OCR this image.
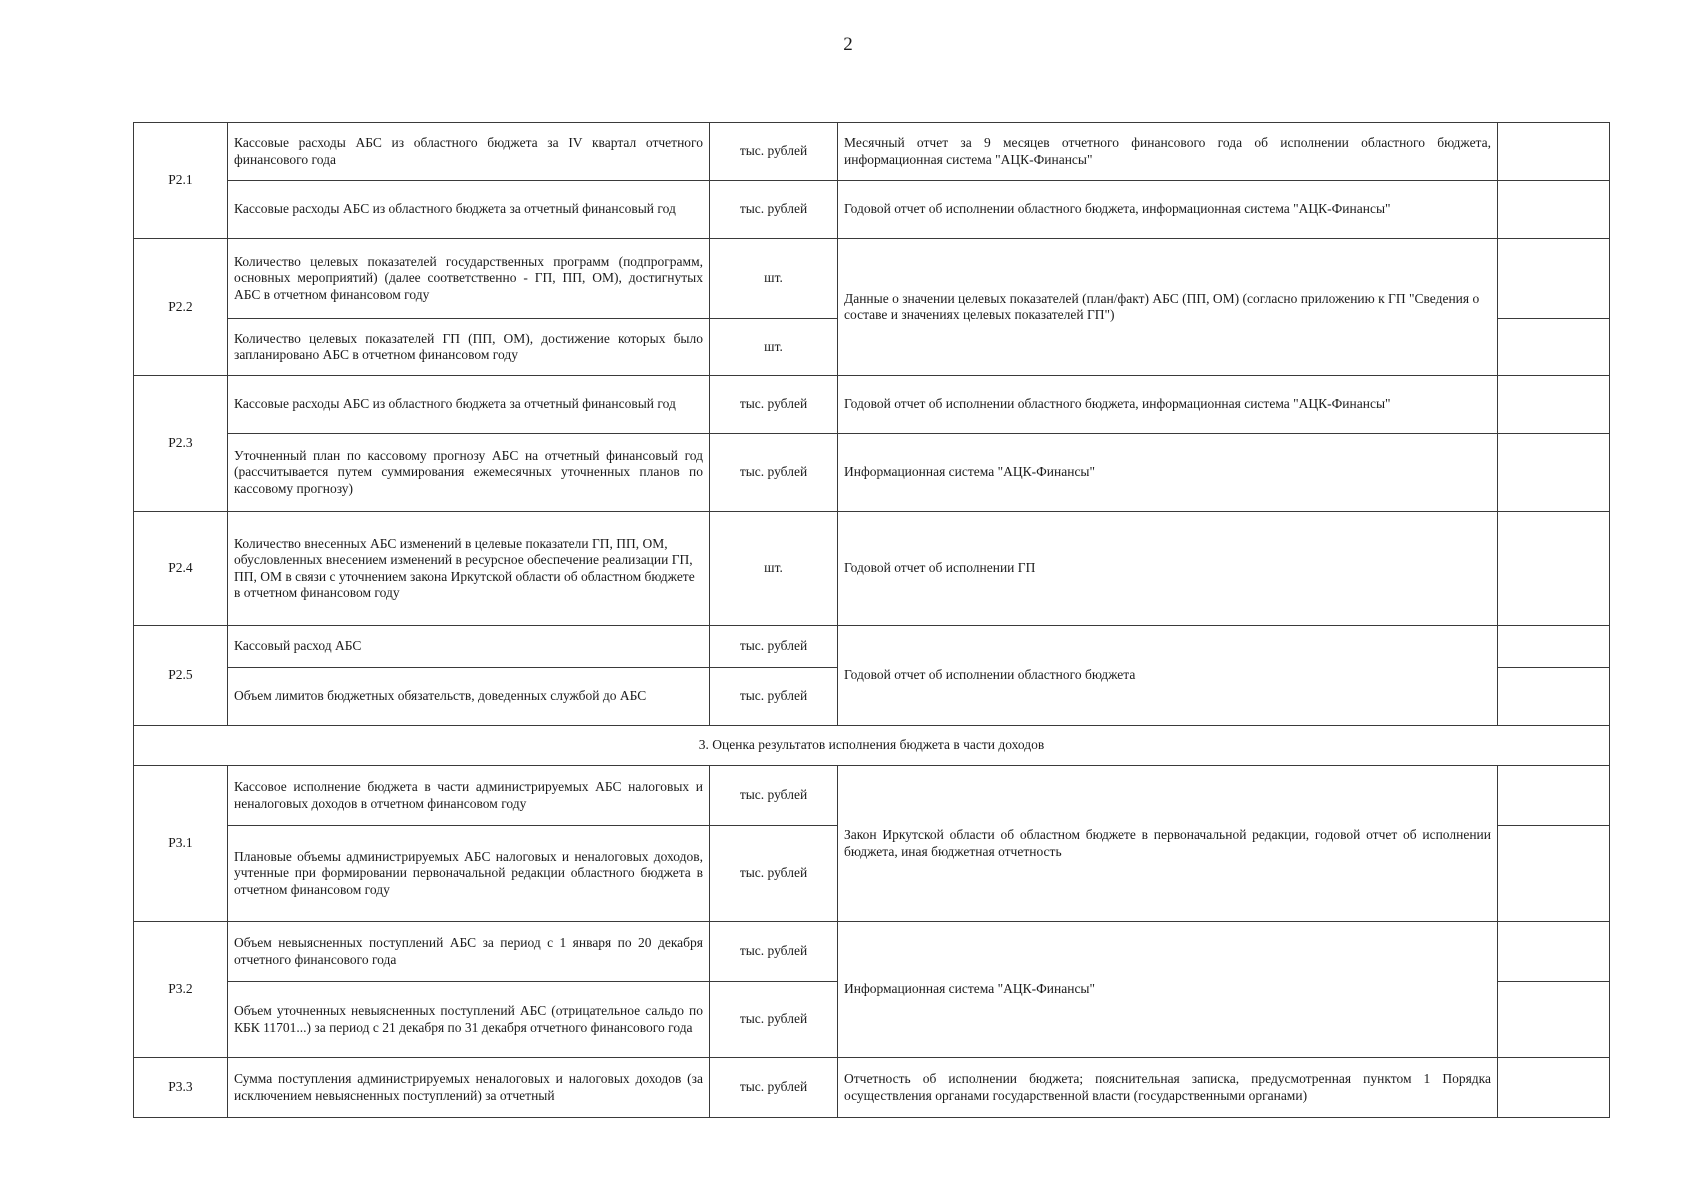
2
Р2.1	Кассовые расходы АБС из областного бюджета за IV квартал отчетного финансового года	тыс. рублей	Месячный отчет за 9 месяцев отчетного финансового года об исполнении областного бюджета, информационная система "АЦК-Финансы"	
	Кассовые расходы АБС из областного бюджета за отчетный финансовый год	тыс. рублей	Годовой отчет об исполнении областного бюджета, информационная система "АЦК-Финансы"	
Р2.2	Количество целевых показателей государственных программ (подпрограмм, основных мероприятий) (далее соответственно - ГП, ПП, ОМ), достигнутых АБС в отчетном финансовом году	шт.	Данные о значении целевых показателей (план/факт) АБС (ПП, ОМ) (согласно приложению к ГП "Сведения о составе и значениях целевых показателей ГП")	
	Количество целевых показателей ГП (ПП, ОМ), достижение которых было запланировано АБС в отчетном финансовом году	шт.		
Р2.3	Кассовые расходы АБС из областного бюджета за отчетный финансовый год	тыс. рублей	Годовой отчет об исполнении областного бюджета, информационная система "АЦК-Финансы"	
	Уточненный план по кассовому прогнозу АБС на отчетный финансовый год (рассчитывается путем суммирования ежемесячных уточненных планов по кассовому прогнозу)	тыс. рублей	Информационная система "АЦК-Финансы"	
Р2.4	Количество внесенных АБС изменений в целевые показатели ГП, ПП, ОМ, обусловленных внесением изменений в ресурсное обеспечение реализации ГП, ПП, ОМ в связи с уточнением закона Иркутской области об областном бюджете в отчетном финансовом году	шт.	Годовой отчет об исполнении ГП	
Р2.5	Кассовый расход АБС	тыс. рублей	Годовой отчет об исполнении областного бюджета	
	Объем лимитов бюджетных обязательств, доведенных службой до АБС	тыс. рублей		
3. Оценка результатов исполнения бюджета в части доходов				
Р3.1	Кассовое исполнение бюджета в части администрируемых АБС налоговых и неналоговых доходов в отчетном финансовом году	тыс. рублей	Закон Иркутской области об областном бюджете в первоначальной редакции, годовой отчет об исполнении бюджета, иная бюджетная отчетность	
	Плановые объемы администрируемых АБС налоговых и неналоговых доходов, учтенные при формировании первоначальной редакции областного бюджета в отчетном финансовом году	тыс. рублей		
Р3.2	Объем невыясненных поступлений АБС за период с 1 января по 20 декабря отчетного финансового года	тыс. рублей	Информационная система "АЦК-Финансы"	
	Объем уточненных невыясненных поступлений АБС (отрицательное сальдо по КБК 11701...) за период с 21 декабря по 31 декабря отчетного финансового года	тыс. рублей		
Р3.3	Сумма поступления администрируемых неналоговых и налоговых доходов (за исключением невыясненных поступлений) за отчетный	тыс. рублей	Отчетность об исполнении бюджета; пояснительная записка, предусмотренная пунктом 1 Порядка осуществления органами государственной власти (государственными органами)	
